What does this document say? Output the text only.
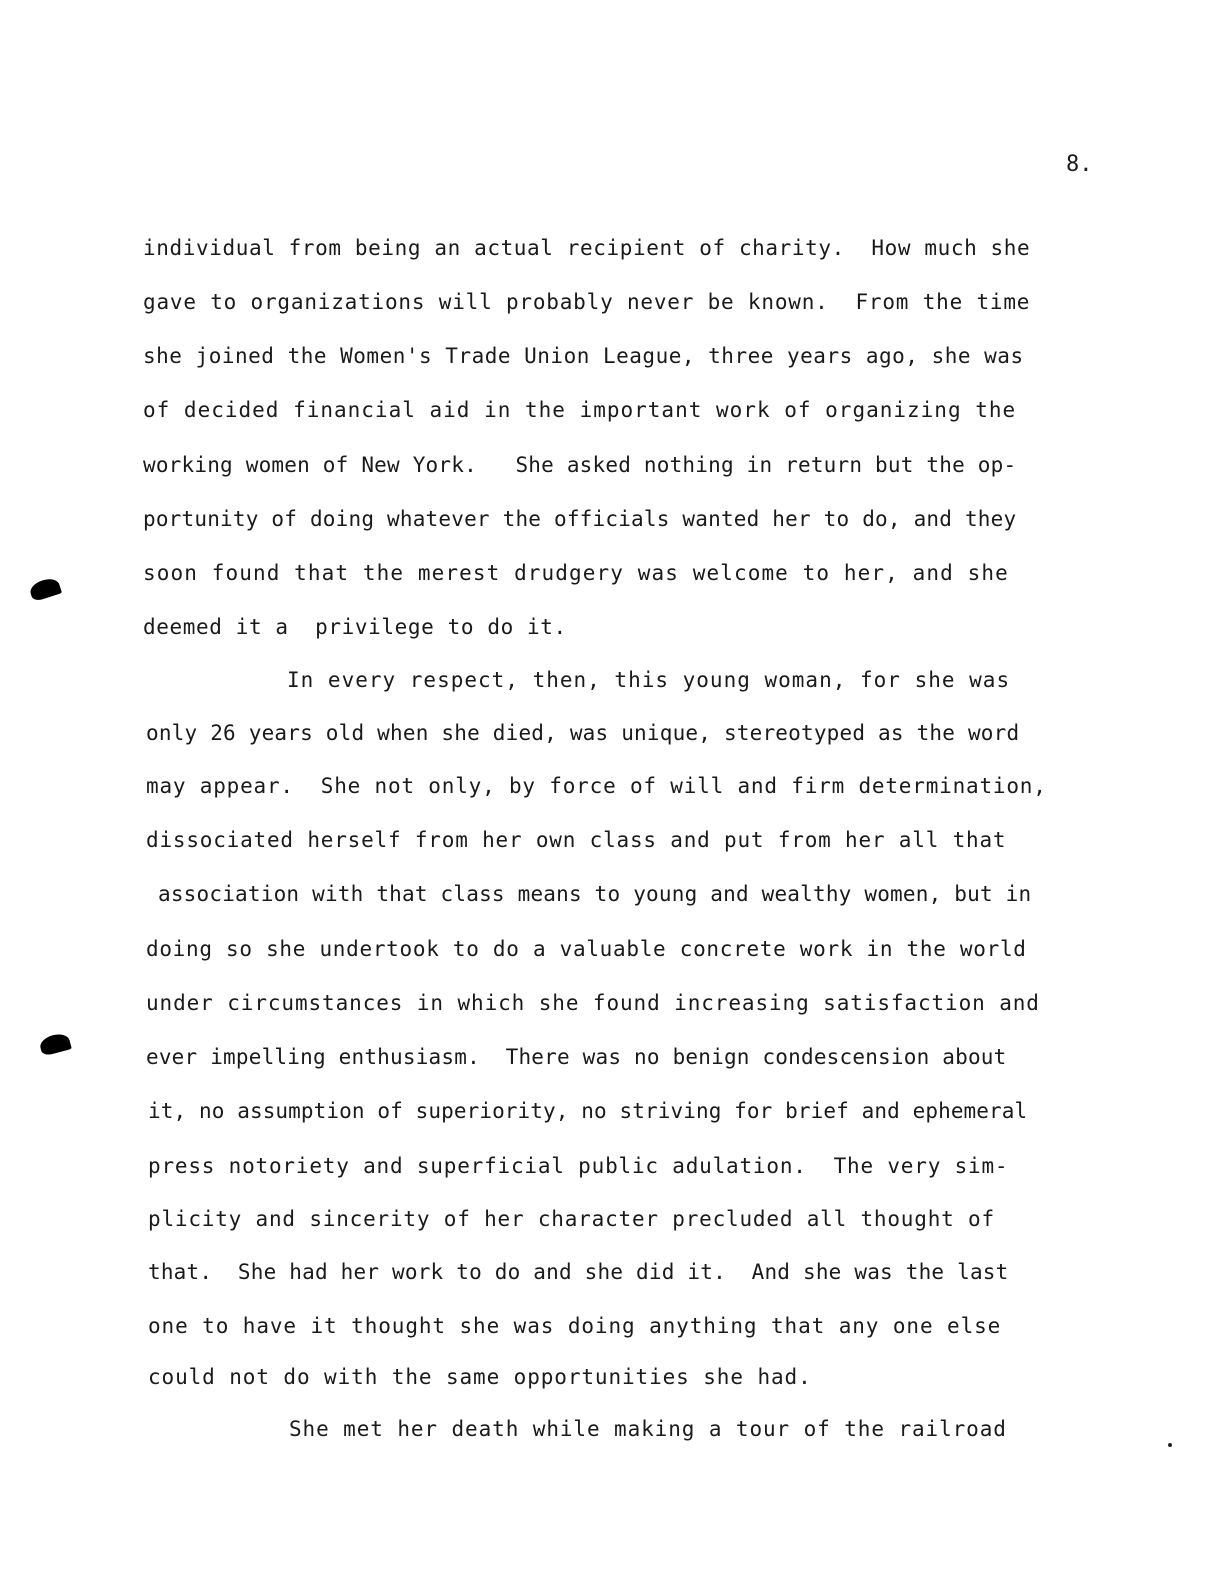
8.
individual from being an actual recipient of charity.  How much she
gave to organizations will probably never be known.  From the time
she joined the Women's Trade Union League, three years ago, she was
of decided financial aid in the important work of organizing the
working women of New York.   She asked nothing in return but the op-
portunity of doing whatever the officials wanted her to do, and they
soon found that the merest drudgery was welcome to her, and she
deemed it a  privilege to do it.
In every respect, then, this young woman, for she was
only 26 years old when she died, was unique, stereotyped as the word
may appear.  She not only, by force of will and firm determination,
dissociated herself from her own class and put from her all that
association with that class means to young and wealthy women, but in
doing so she undertook to do a valuable concrete work in the world
under circumstances in which she found increasing satisfaction and
ever impelling enthusiasm.  There was no benign condescension about
it, no assumption of superiority, no striving for brief and ephemeral
press notoriety and superficial public adulation.  The very sim-
plicity and sincerity of her character precluded all thought of
that.  She had her work to do and she did it.  And she was the last
one to have it thought she was doing anything that any one else
could not do with the same opportunities she had.
She met her death while making a tour of the railroad
